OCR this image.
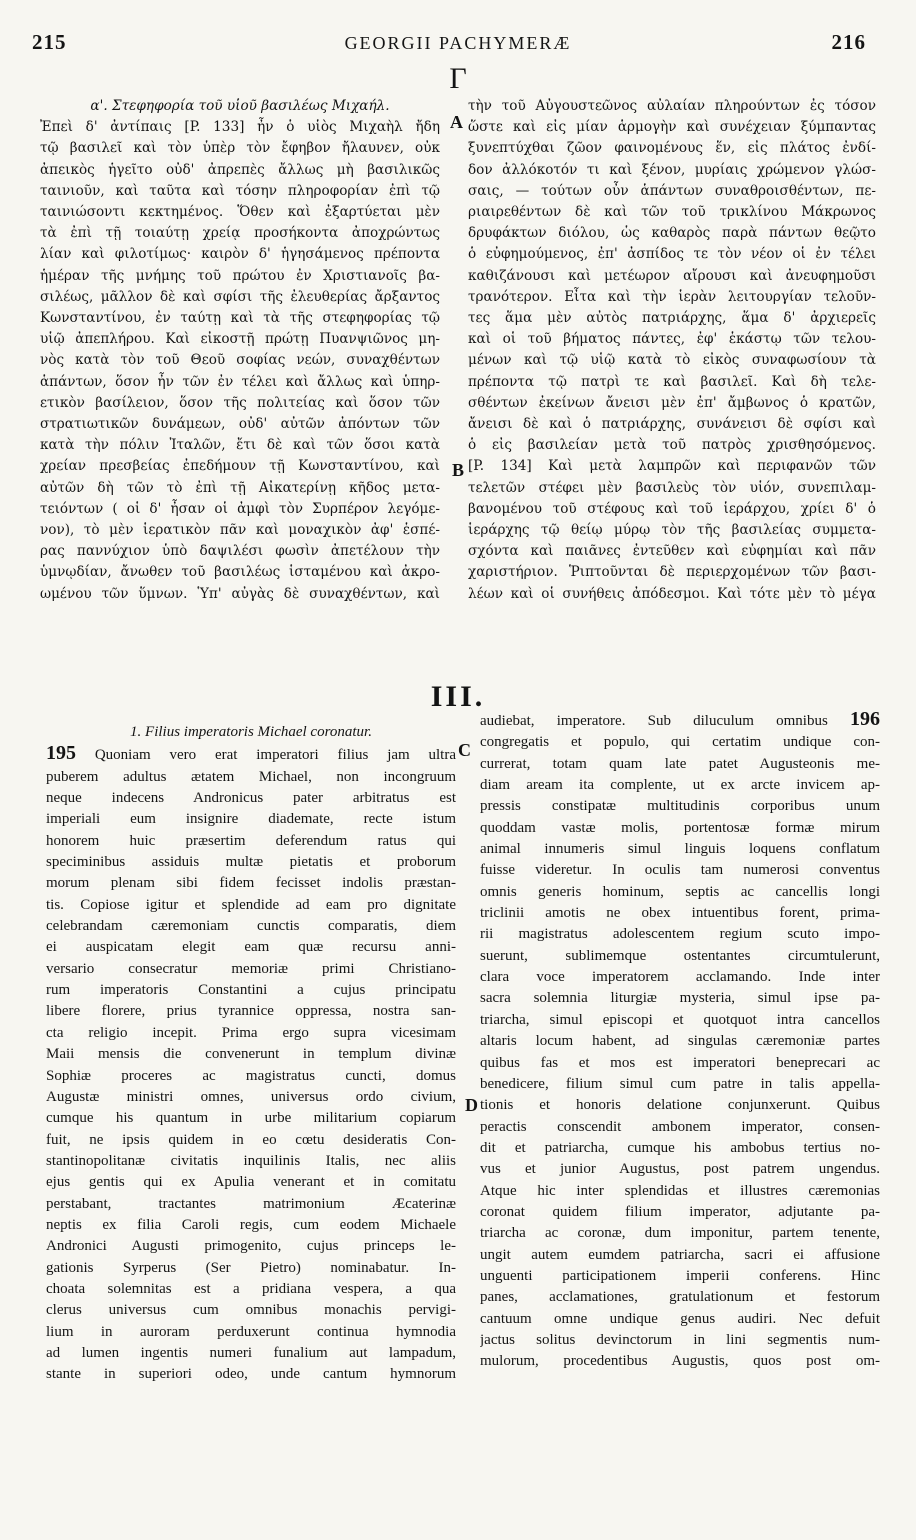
215	GEORGII PACHYMERÆ	216
Γ
A
B
C
D
α'. Στεφηφορία τοῦ υἱοῦ βασιλέως Μιχαήλ.
Ἐπεὶ δ' ἀντίπαις [P. 133] ἦν ὁ υἱὸς Μιχαὴλ ἤδη
τῷ βασιλεῖ καὶ τὸν ὑπὲρ τὸν ἔφηβον ἤλαυνεν, οὐκ
ἀπεικὸς ἡγεῖτο οὐδ' ἀπρεπὲς ἄλλως μὴ βασιλικῶς
ταινιοῦν, καὶ ταῦτα καὶ τόσην πληροφορίαν ἐπὶ τῷ
ταινιώσοντι κεκτημένος. Ὅθεν καὶ ἐξαρτύεται μὲν
τὰ ἐπὶ τῇ τοιαύτῃ χρείᾳ προσήκοντα ἀποχρώντως
λίαν καὶ φιλοτίμως· καιρὸν δ' ἡγησάμενος πρέποντα
ἡμέραν τῆς μνήμης τοῦ πρώτου ἐν Χριστιανοῖς βα-
σιλέως, μᾶλλον δὲ καὶ σφίσι τῆς ἐλευθερίας ἄρξαντος
Κωνσταντίνου, ἐν ταύτῃ καὶ τὰ τῆς στεφηφορίας τῷ
υἱῷ ἀπεπλήρου. Καὶ εἰκοστῇ πρώτῃ Πυανψιῶνος μη-
νὸς κατὰ τὸν τοῦ Θεοῦ σοφίας νεών, συναχθέντων
ἁπάντων, ὅσον ἦν τῶν ἐν τέλει καὶ ἄλλως καὶ ὑπηρ-
ετικὸν βασίλειον, ὅσον τῆς πολιτείας καὶ ὅσον τῶν
στρατιωτικῶν δυνάμεων, οὐδ' αὐτῶν ἀπόντων τῶν
κατὰ τὴν πόλιν Ἰταλῶν, ἔτι δὲ καὶ τῶν ὅσοι κατὰ
χρείαν πρεσβείας ἐπεδήμουν τῇ Κωνσταντίνου, καὶ
αὐτῶν δὴ τῶν τὸ ἐπὶ τῇ Αἰκατερίνῃ κῆδος μετα-
τειόντων ( οἱ δ' ἦσαν οἱ ἀμφὶ τὸν Συρπέρον λεγόμε-
νον), τὸ μὲν ἱερατικὸν πᾶν καὶ μοναχικὸν ἀφ' ἑσπέ-
ρας παννύχιον ὑπὸ δαψιλέσι φωσὶν ἀπετέλουν τὴν
ὑμνῳδίαν, ἄνωθεν τοῦ βασιλέως ἱσταμένου καὶ ἀκρο-
ωμένου τῶν ὕμνων. Ὑπ' αὐγὰς δὲ συναχθέντων, καὶ
τὴν τοῦ Αὐγουστεῶνος αὐλαίαν πληρούντων ἐς τόσον
ὥστε καὶ εἰς μίαν ἁρμογὴν καὶ συνέχειαν ξύμπαντας
ξυνεπτύχθαι ζῶον φαινομένους ἕν, εἰς πλάτος ἐνδί-
δον ἀλλόκοτόν τι καὶ ξένον, μυρίαις χρώμενον γλώσ-
σαις, — τούτων οὖν ἁπάντων συναθροισθέντων, πε-
ριαιρεθέντων δὲ καὶ τῶν τοῦ τρικλίνου Μάκρωνος
δρυφάκτων διόλου, ὡς καθαρὸς παρὰ πάντων θεῷτο
ὁ εὐφημούμενος, ἐπ' ἀσπίδος τε τὸν νέον οἱ ἐν τέλει
καθιζάνουσι καὶ μετέωρον αἴρουσι καὶ ἀνευφημοῦσι
τρανότερον. Εἶτα καὶ τὴν ἱερὰν λειτουργίαν τελοῦν-
τες ἅμα μὲν αὐτὸς πατριάρχης, ἅμα δ' ἀρχιερεῖς
καὶ οἱ τοῦ βήματος πάντες, ἐφ' ἑκάστῳ τῶν τελου-
μένων καὶ τῷ υἱῷ κατὰ τὸ εἰκὸς συναφωσίουν τὰ
πρέποντα τῷ πατρὶ τε καὶ βασιλεῖ. Καὶ δὴ τελε-
σθέντων ἐκείνων ἄνεισι μὲν ἐπ' ἄμβωνος ὁ κρατῶν,
ἄνεισι δὲ καὶ ὁ πατριάρχης, συνάνεισι δὲ σφίσι καὶ
ὁ εἰς βασιλείαν μετὰ τοῦ πατρὸς χρισθησόμενος.
[P. 134] Καὶ μετὰ λαμπρῶν καὶ περιφανῶν τῶν
τελετῶν στέφει μὲν βασιλεὺς τὸν υἱόν, συνεπιλαμ-
βανομένου τοῦ στέφους καὶ τοῦ ἱεράρχου, χρίει δ' ὁ
ἱεράρχης τῷ θείῳ μύρῳ τὸν τῆς βασιλείας συμμετα-
σχόντα καὶ παιᾶνες ἐντεῦθεν καὶ εὐφημίαι καὶ πᾶν
χαριστήριον. Ῥιπτοῦνται δὲ περιερχομένων τῶν βασι-
λέων καὶ οἱ συνήθεις ἀπόδεσμοι. Καὶ τότε μὲν τὸ μέγα
III.
1. Filius imperatoris Michael coronatur.
195 Quoniam vero erat imperatori filius jam ultra
puberem adultus ætatem Michael, non incongruum
neque indecens Andronicus pater arbitratus est
imperiali eum insignire diademate, recte istum
honorem huic præsertim deferendum ratus qui
speciminibus assiduis multæ pietatis et proborum
morum plenam sibi fidem fecisset indolis præstan-
tis. Copiose igitur et splendide ad eam pro dignitate
celebrandam cæremoniam cunctis comparatis, diem
ei auspicatam elegit eam quæ recursu anni-
versario consecratur memoriæ primi Christiano-
rum imperatoris Constantini a cujus principatu
libere florere, prius tyrannice oppressa, nostra san-
cta religio incepit. Prima ergo supra vicesimam
Maii mensis die convenerunt in templum divinæ
Sophiæ proceres ac magistratus cuncti, domus
Augustæ ministri omnes, universus ordo civium,
cumque his quantum in urbe militarium copiarum
fuit, ne ipsis quidem in eo cœtu desideratis Con-
stantinopolitanæ civitatis inquilinis Italis, nec aliis
ejus gentis qui ex Apulia venerant et in comitatu
perstabant, tractantes matrimonium Æcaterinæ
neptis ex filia Caroli regis, cum eodem Michaele
Andronici Augusti primogenito, cujus princeps le-
gationis Syrperus (Ser Pietro) nominabatur. In-
choata solemnitas est a pridiana vespera, a qua
clerus universus cum omnibus monachis pervigi-
lium in auroram perduxerunt continua hymnodia
ad lumen ingentis numeri funalium aut lampadum,
stante in superiori odeo, unde cantum hymnorum
audiebat, imperatore. Sub diluculum omnibus 196
congregatis et populo, qui certatim undique con-
currerat, totam quam late patet Augusteonis me-
diam aream ita complente, ut ex arcte invicem ap-
pressis constipatæ multitudinis corporibus unum
quoddam vastæ molis, portentosæ formæ mirum
animal innumeris simul linguis loquens conflatum
fuisse videretur. In oculis tam numerosi conventus
omnis generis hominum, septis ac cancellis longi
triclinii amotis ne obex intuentibus forent, prima-
rii magistratus adolescentem regium scuto impo-
suerunt, sublimemque ostentantes circumtulerunt,
clara voce imperatorem acclamando. Inde inter
sacra solemnia liturgiæ mysteria, simul ipse pa-
triarcha, simul episcopi et quotquot intra cancellos
altaris locum habent, ad singulas cæremoniæ partes
quibus fas et mos est imperatori beneprecari ac
benedicere, filium simul cum patre in talis appella-
tionis et honoris delatione conjunxerunt. Quibus
peractis conscendit ambonem imperator, consen-
dit et patriarcha, cumque his ambobus tertius no-
vus et junior Augustus, post patrem ungendus.
Atque hic inter splendidas et illustres cæremonias
coronat quidem filium imperator, adjutante pa-
triarcha ac coronæ, dum imponitur, partem tenente,
ungit autem eumdem patriarcha, sacri ei affusione
unguenti participationem imperii conferens. Hinc
panes, acclamationes, gratulationum et festorum
cantuum omne undique genus audiri. Nec defuit
jactus solitus devinctorum in lini segmentis num-
mulorum, procedentibus Augustis, quos post om-
